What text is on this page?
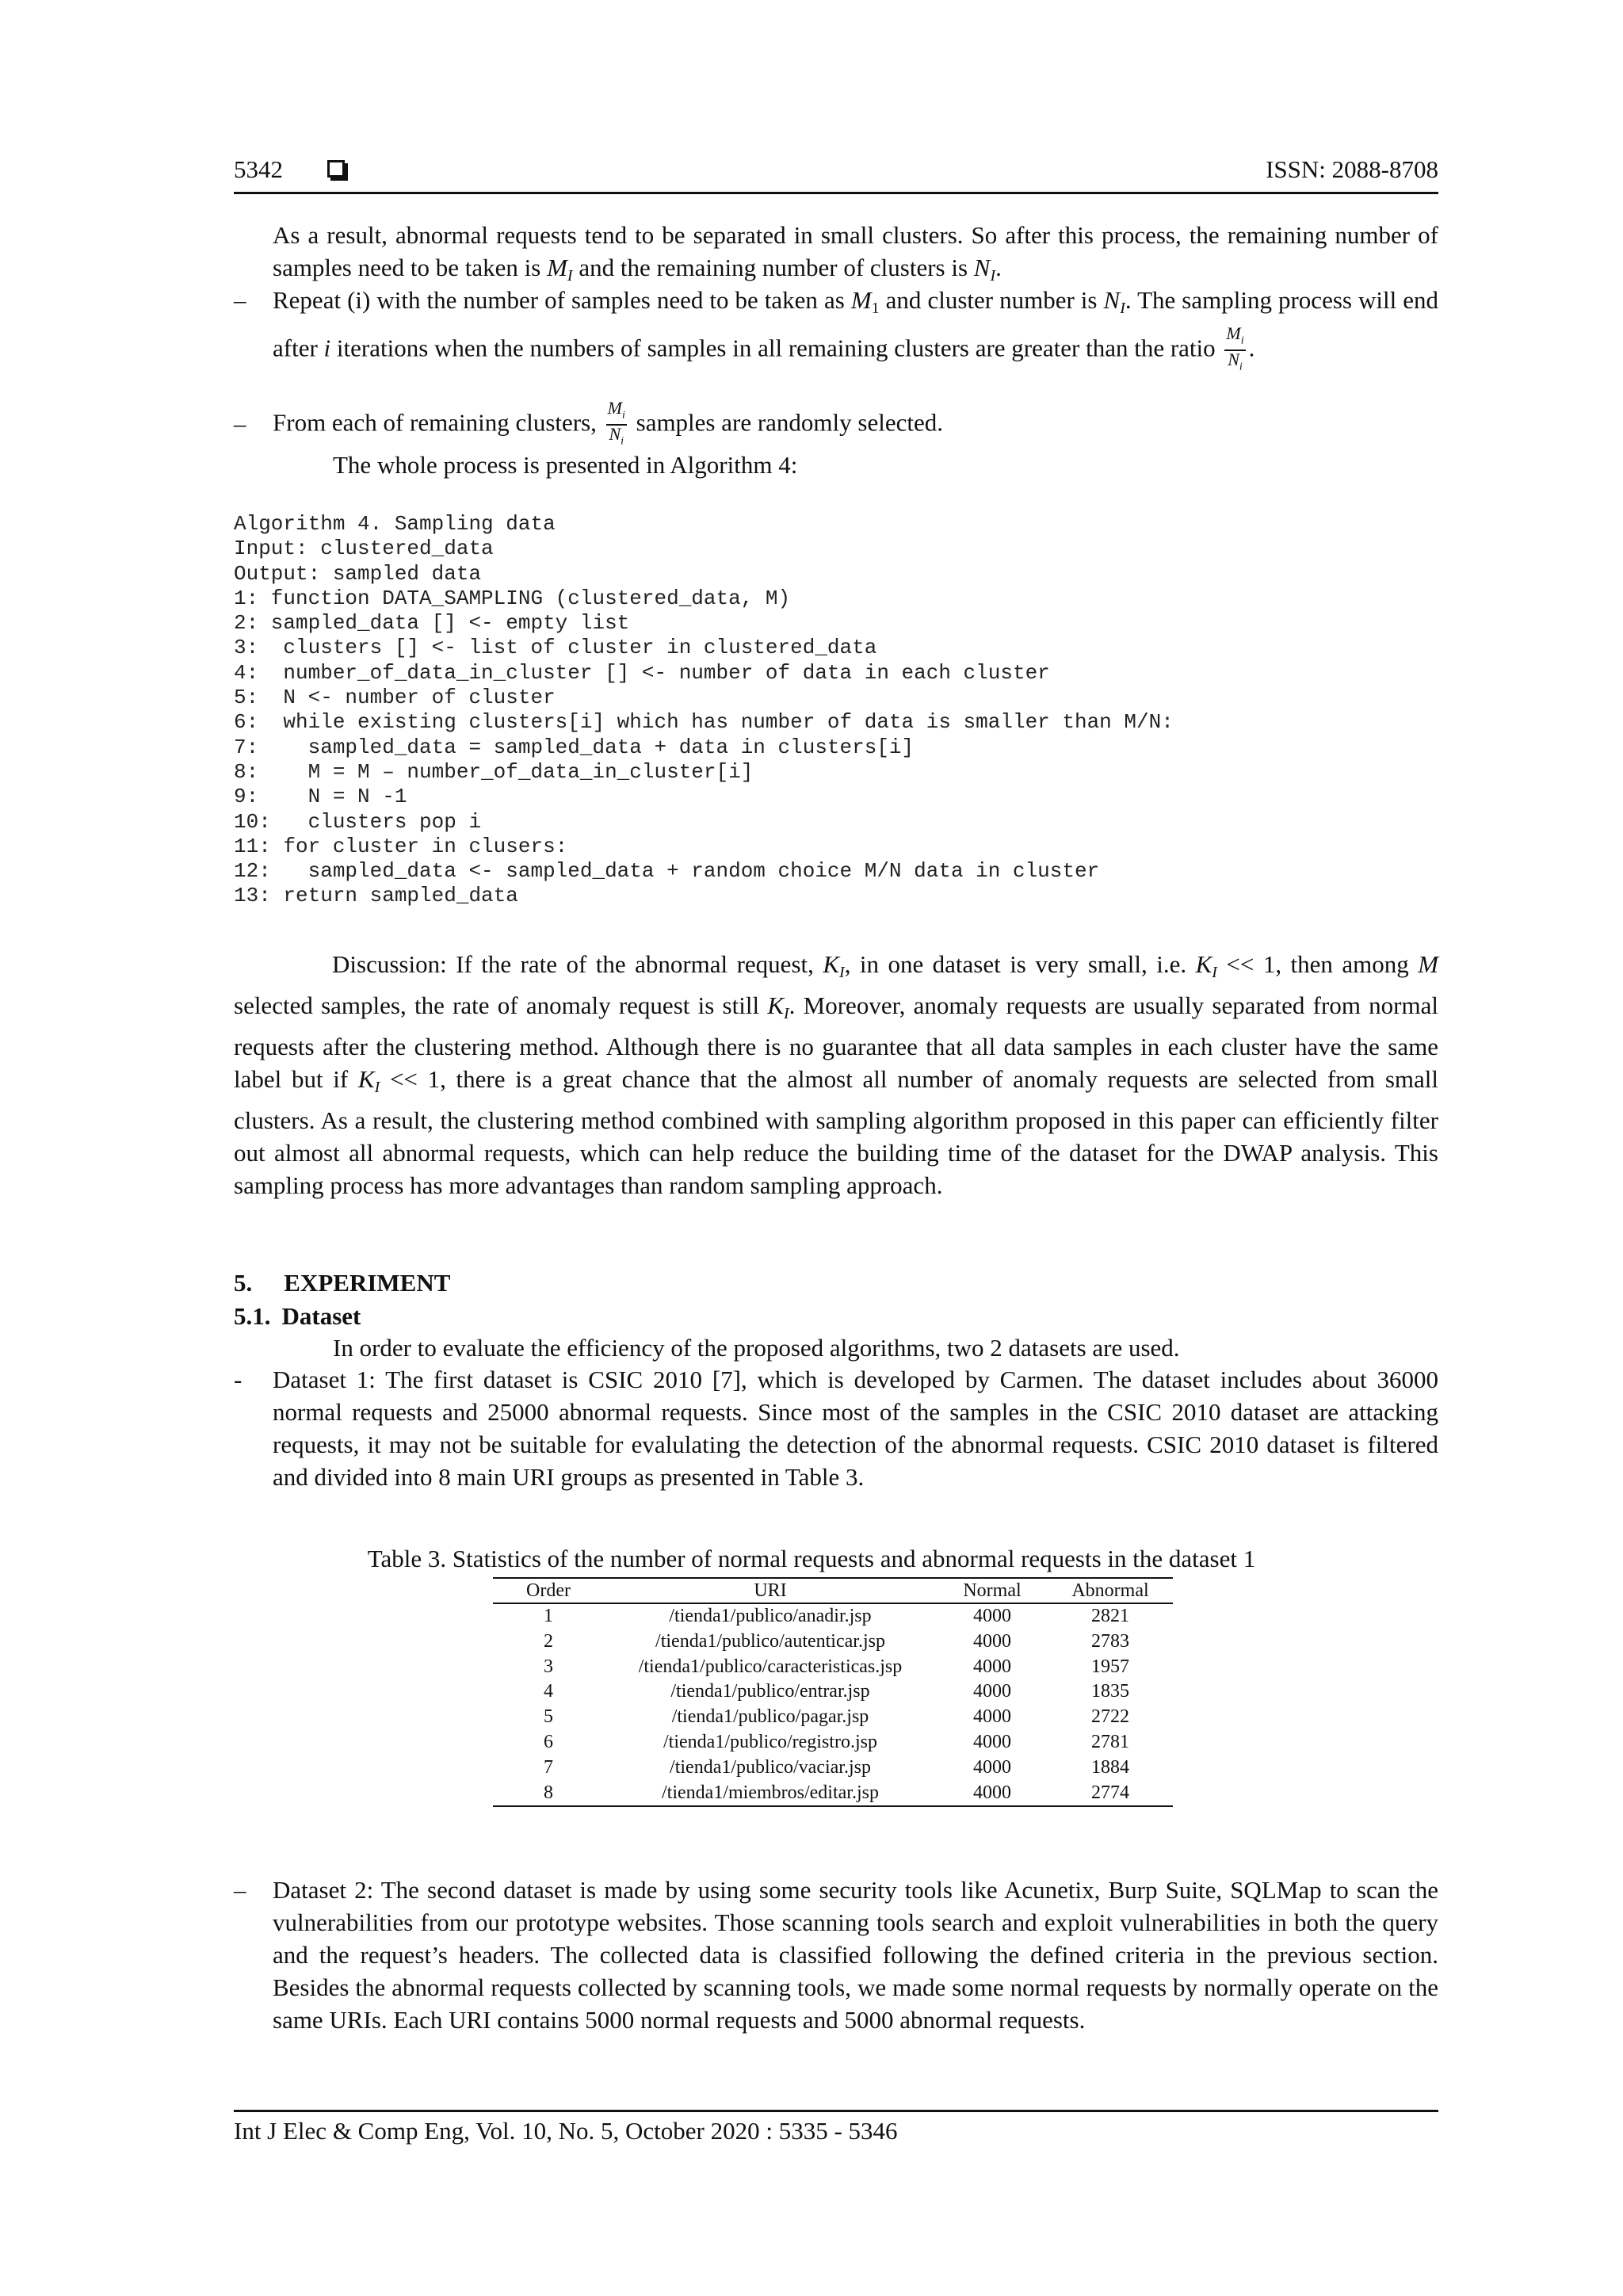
5342	ISSN: 2088-8708
As a result, abnormal requests tend to be separated in small clusters. So after this process, the remaining number of samples need to be taken is $M_I$ and the remaining number of clusters is $N_I$.
– Repeat (i) with the number of samples need to be taken as $M_1$ and cluster number is $N_I$. The sampling process will end after i iterations when the numbers of samples in all remaining clusters are greater than the ratio $\frac{M_i}{N_i}$ .
– From each of remaining clusters, $\frac{M_i}{N_i}$ samples are randomly selected.
The whole process is presented in Algorithm 4:
Algorithm 4. Sampling data
Input: clustered_data
Output: sampled data
1: function DATA_SAMPLING (clustered_data, M)
2: sampled_data [] <- empty list
3:  clusters [] <- list of cluster in clustered_data
4:  number_of_data_in_cluster [] <- number of data in each cluster
5:  N <- number of cluster
6:  while existing clusters[i] which has number of data is smaller than M/N:
7:    sampled_data = sampled_data + data in clusters[i]
8:    M = M – number_of_data_in_cluster[i]
9:    N = N -1
10:   clusters pop i
11: for cluster in clusers:
12:   sampled_data <- sampled_data + random choice M/N data in cluster
13: return sampled_data
Discussion: If the rate of the abnormal request, $K_I$, in one dataset is very small, i.e. $K_I << 1$, then among M selected samples, the rate of anomaly request is still $K_I$. Moreover, anomaly requests are usually separated from normal requests after the clustering method. Although there is no guarantee that all data samples in each cluster have the same label but if $K_I << 1$, there is a great chance that the almost all number of anomaly requests are selected from small clusters. As a result, the clustering method combined with sampling algorithm proposed in this paper can efficiently filter out almost all abnormal requests, which can help reduce the building time of the dataset for the DWAP analysis. This sampling process has more advantages than random sampling approach.
5. EXPERIMENT
5.1. Dataset
In order to evaluate the efficiency of the proposed algorithms, two 2 datasets are used.
- Dataset 1: The first dataset is CSIC 2010 [7], which is developed by Carmen. The dataset includes about 36000 normal requests and 25000 abnormal requests. Since most of the samples in the CSIC 2010 dataset are attacking requests, it may not be suitable for evalulating the detection of the abnormal requests. CSIC 2010 dataset is filtered and divided into 8 main URI groups as presented in Table 3.
Table 3. Statistics of the number of normal requests and abnormal requests in the dataset 1
Order	URI	Normal	Abnormal
1	/tienda1/publico/anadir.jsp	4000	2821
2	/tienda1/publico/autenticar.jsp	4000	2783
3	/tienda1/publico/caracteristicas.jsp	4000	1957
4	/tienda1/publico/entrar.jsp	4000	1835
5	/tienda1/publico/pagar.jsp	4000	2722
6	/tienda1/publico/registro.jsp	4000	2781
7	/tienda1/publico/vaciar.jsp	4000	1884
8	/tienda1/miembros/editar.jsp	4000	2774
– Dataset 2: The second dataset is made by using some security tools like Acunetix, Burp Suite, SQLMap to scan the vulnerabilities from our prototype websites. Those scanning tools search and exploit vulnerabilities in both the query and the request’s headers. The collected data is classified following the defined criteria in the previous section. Besides the abnormal requests collected by scanning tools, we made some normal requests by normally operate on the same URIs. Each URI contains 5000 normal requests and 5000 abnormal requests.
Int J Elec & Comp Eng, Vol. 10, No. 5, October 2020 : 5335 - 5346
